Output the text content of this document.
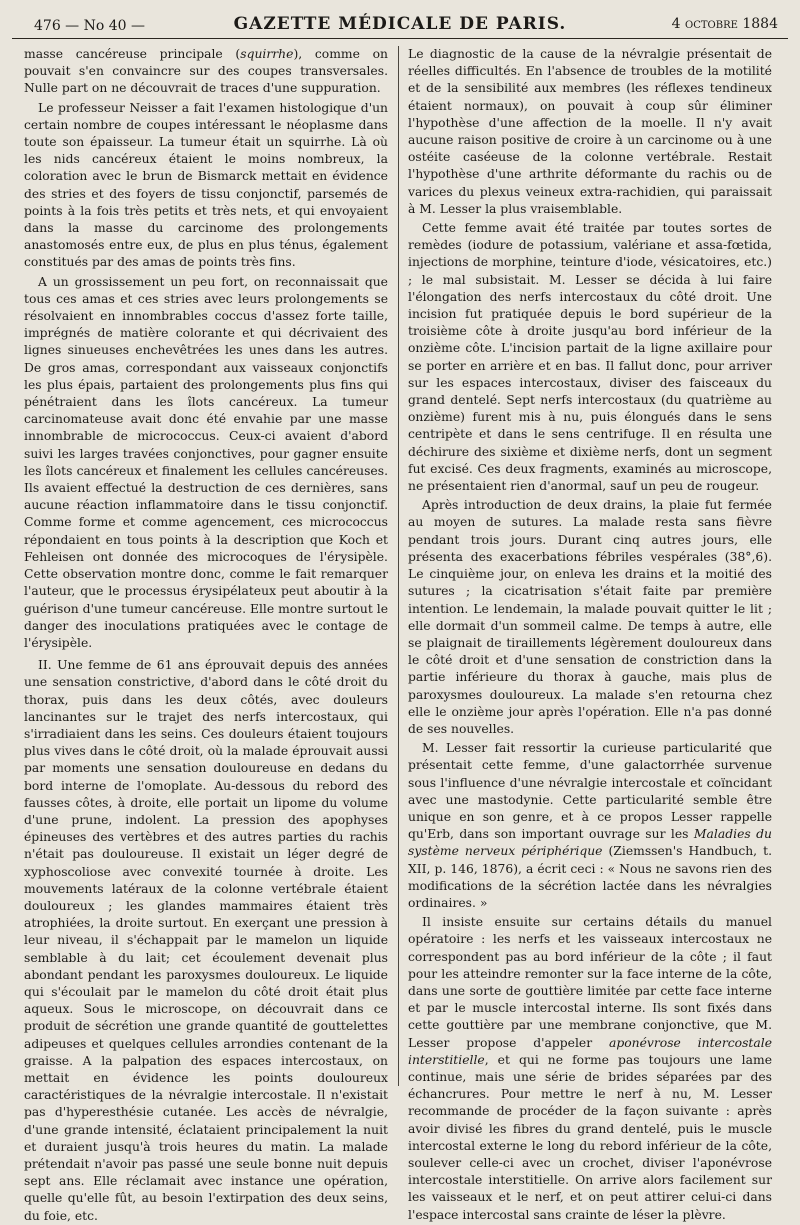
476 — No 40 —	GAZETTE MÉDICALE DE PARIS.	4 octobre 1884

masse cancéreuse principale (squirrhe), comme on pouvait s'en convaincre sur des coupes transversales. Nulle part on ne découvrait de traces d'une suppuration.

Le professeur Neisser a fait l'examen histologique d'un certain nombre de coupes intéressant le néoplasme dans toute son épaisseur. La tumeur était un squirrhe. Là où les nids cancéreux étaient le moins nombreux, la coloration avec le brun de Bismarck mettait en évidence des stries et des foyers de tissu conjonctif, parsemés de points à la fois très petits et très nets, et qui envoyaient dans la masse du carcinome des prolongements anastomosés entre eux, de plus en plus ténus, également constitués par des amas de points très fins.

A un grossissement un peu fort, on reconnaissait que tous ces amas et ces stries avec leurs prolongements se résolvaient en innombrables coccus d'assez forte taille, imprégnés de matière colorante et qui décrivaient des lignes sinueuses enchevêtrées les unes dans les autres. De gros amas, correspondant aux vaisseaux conjonctifs les plus épais, partaient des prolongements plus fins qui pénétraient dans les îlots cancéreux. La tumeur carcinomateuse avait donc été envahie par une masse innombrable de micrococcus. Ceux-ci avaient d'abord suivi les larges travées conjonctives, pour gagner ensuite les îlots cancéreux et finalement les cellules cancéreuses. Ils avaient effectué la destruction de ces dernières, sans aucune réaction inflammatoire dans le tissu conjonctif. Comme forme et comme agencement, ces micrococcus répondaient en tous points à la description que Koch et Fehleisen ont donnée des microcoques de l'érysipèle. Cette observation montre donc, comme le fait remarquer l'auteur, que le processus érysipélateux peut aboutir à la guérison d'une tumeur cancéreuse. Elle montre surtout le danger des inoculations pratiquées avec le contage de l'érysipèle.

II. Une femme de 61 ans éprouvait depuis des années une sensation constrictive, d'abord dans le côté droit du thorax, puis dans les deux côtés, avec douleurs lancinantes sur le trajet des nerfs intercostaux, qui s'irradiaient dans les seins. Ces douleurs étaient toujours plus vives dans le côté droit, où la malade éprouvait aussi par moments une sensation douloureuse en dedans du bord interne de l'omoplate. Au-dessous du rebord des fausses côtes, à droite, elle portait un lipome du volume d'une prune, indolent. La pression des apophyses épineuses des vertèbres et des autres parties du rachis n'était pas douloureuse. Il existait un léger degré de xyphoscoliose avec convexité tournée à droite. Les mouvements latéraux de la colonne vertébrale étaient douloureux ; les glandes mammaires étaient très atrophiées, la droite surtout. En exerçant une pression à leur niveau, il s'échappait par le mamelon un liquide semblable à du lait; cet écoulement devenait plus abondant pendant les paroxysmes douloureux. Le liquide qui s'écoulait par le mamelon du côté droit était plus aqueux. Sous le microscope, on découvrait dans ce produit de sécrétion une grande quantité de gouttelettes adipeuses et quelques cellules arrondies contenant de la graisse. A la palpation des espaces intercostaux, on mettait en évidence les points douloureux caractéristiques de la névralgie intercostale. Il n'existait pas d'hyperesthésie cutanée. Les accès de névralgie, d'une grande intensité, éclataient principalement la nuit et duraient jusqu'à trois heures du matin. La malade prétendait n'avoir pas passé une seule bonne nuit depuis sept ans. Elle réclamait avec instance une opération, quelle qu'elle fût, au besoin l'extirpation des deux seins, du foie, etc.

Le diagnostic de la cause de la névralgie présentait de réelles difficultés. En l'absence de troubles de la motilité et de la sensibilité aux membres (les réflexes tendineux étaient normaux), on pouvait à coup sûr éliminer l'hypothèse d'une affection de la moelle. Il n'y avait aucune raison positive de croire à un carcinome ou à une ostéite caséeuse de la colonne vertébrale. Restait l'hypothèse d'une arthrite déformante du rachis ou de varices du plexus veineux extra-rachidien, qui paraissait à M. Lesser la plus vraisemblable.

Cette femme avait été traitée par toutes sortes de remèdes (iodure de potassium, valériane et assa-fœtida, injections de morphine, teinture d'iode, vésicatoires, etc.) ; le mal subsistait. M. Lesser se décida à lui faire l'élongation des nerfs intercostaux du côté droit. Une incision fut pratiquée depuis le bord supérieur de la troisième côte à droite jusqu'au bord inférieur de la onzième côte. L'incision partait de la ligne axillaire pour se porter en arrière et en bas. Il fallut donc, pour arriver sur les espaces intercostaux, diviser des faisceaux du grand dentelé. Sept nerfs intercostaux (du quatrième au onzième) furent mis à nu, puis élongués dans le sens centripète et dans le sens centrifuge. Il en résulta une déchirure des sixième et dixième nerfs, dont un segment fut excisé. Ces deux fragments, examinés au microscope, ne présentaient rien d'anormal, sauf un peu de rougeur.

Après introduction de deux drains, la plaie fut fermée au moyen de sutures. La malade resta sans fièvre pendant trois jours. Durant cinq autres jours, elle présenta des exacerbations fébriles vespérales (38°,6). Le cinquième jour, on enleva les drains et la moitié des sutures ; la cicatrisation s'était faite par première intention. Le lendemain, la malade pouvait quitter le lit ; elle dormait d'un sommeil calme. De temps à autre, elle se plaignait de tiraillements légèrement douloureux dans le côté droit et d'une sensation de constriction dans la partie inférieure du thorax à gauche, mais plus de paroxysmes douloureux. La malade s'en retourna chez elle le onzième jour après l'opération. Elle n'a pas donné de ses nouvelles.

M. Lesser fait ressortir la curieuse particularité que présentait cette femme, d'une galactorrhée survenue sous l'influence d'une névralgie intercostale et coïncidant avec une mastodynie. Cette particularité semble être unique en son genre, et à ce propos Lesser rappelle qu'Erb, dans son important ouvrage sur les Maladies du système nerveux périphérique (Ziemssen's Handbuch, t. XII, p. 146, 1876), a écrit ceci : « Nous ne savons rien des modifications de la sécrétion lactée dans les névralgies ordinaires. »

Il insiste ensuite sur certains détails du manuel opératoire : les nerfs et les vaisseaux intercostaux ne correspondent pas au bord inférieur de la côte ; il faut pour les atteindre remonter sur la face interne de la côte, dans une sorte de gouttière limitée par cette face interne et par le muscle intercostal interne. Ils sont fixés dans cette gouttière par une membrane conjonctive, que M. Lesser propose d'appeler aponévrose intercostale interstitielle, et qui ne forme pas toujours une lame continue, mais une série de brides séparées par des échancrures. Pour mettre le nerf à nu, M. Lesser recommande de procéder de la façon suivante : après avoir divisé les fibres du grand dentelé, puis le muscle intercostal externe le long du rebord inférieur de la côte, soulever celle-ci avec un crochet, diviser l'aponévrose intercostale interstitielle. On arrive alors facilement sur les vaisseaux et le nerf, et on peut attirer celui-ci dans l'espace intercostal sans crainte de léser la plèvre.
